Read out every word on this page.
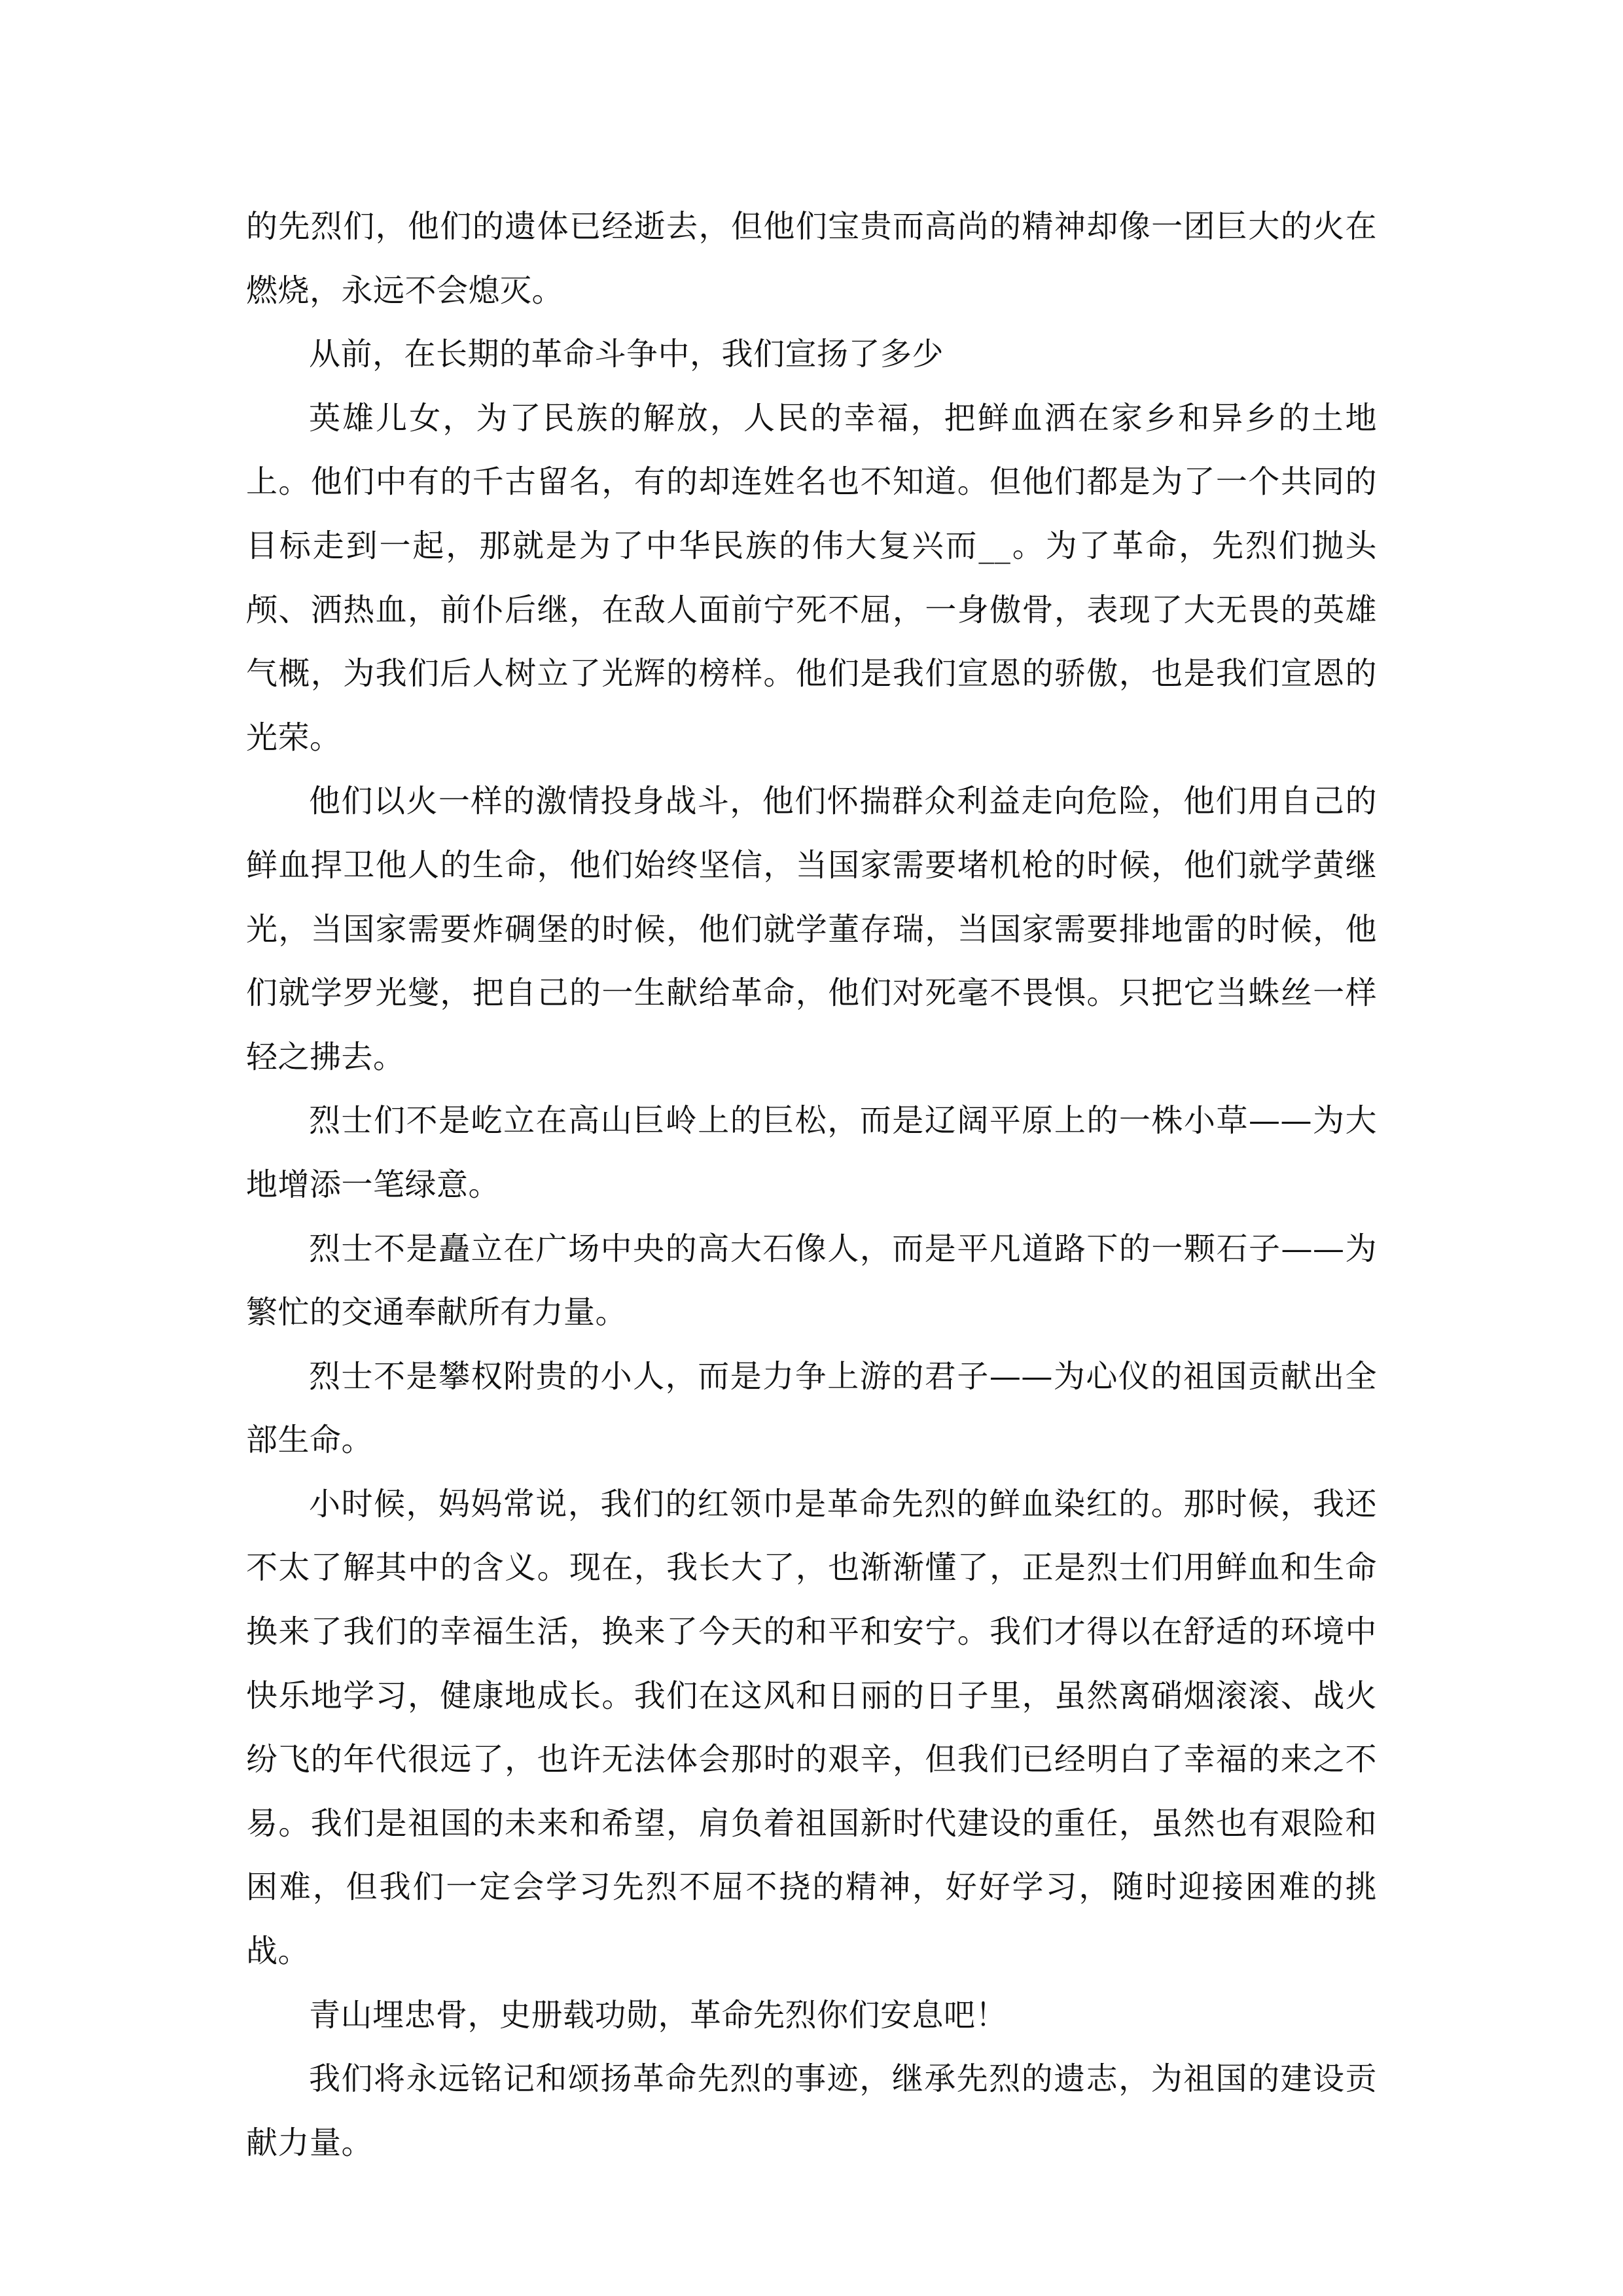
的先烈们，他们的遗体已经逝去，但他们宝贵而高尚的精神却像一团巨大的火在燃烧，永远不会熄灭。

从前，在长期的革命斗争中，我们宣扬了多少

英雄儿女，为了民族的解放，人民的幸福，把鲜血洒在家乡和异乡的土地上。他们中有的千古留名，有的却连姓名也不知道。但他们都是为了一个共同的目标走到一起，那就是为了中华民族的伟大复兴而__。为了革命，先烈们抛头颅、洒热血，前仆后继，在敌人面前宁死不屈，一身傲骨，表现了大无畏的英雄气概，为我们后人树立了光辉的榜样。他们是我们宣恩的骄傲，也是我们宣恩的光荣。

他们以火一样的激情投身战斗，他们怀揣群众利益走向危险，他们用自己的鲜血捍卫他人的生命，他们始终坚信，当国家需要堵机枪的时候，他们就学黄继光，当国家需要炸碉堡的时候，他们就学董存瑞，当国家需要排地雷的时候，他们就学罗光燮，把自己的一生献给革命，他们对死毫不畏惧。只把它当蛛丝一样轻之拂去。

烈士们不是屹立在高山巨岭上的巨松，而是辽阔平原上的一株小草——为大地增添一笔绿意。

烈士不是矗立在广场中央的高大石像人，而是平凡道路下的一颗石子——为繁忙的交通奉献所有力量。

烈士不是攀权附贵的小人，而是力争上游的君子——为心仪的祖国贡献出全部生命。

小时候，妈妈常说，我们的红领巾是革命先烈的鲜血染红的。那时候，我还不太了解其中的含义。现在，我长大了，也渐渐懂了，正是烈士们用鲜血和生命换来了我们的幸福生活，换来了今天的和平和安宁。我们才得以在舒适的环境中快乐地学习，健康地成长。我们在这风和日丽的日子里，虽然离硝烟滚滚、战火纷飞的年代很远了，也许无法体会那时的艰辛，但我们已经明白了幸福的来之不易。我们是祖国的未来和希望，肩负着祖国新时代建设的重任，虽然也有艰险和困难，但我们一定会学习先烈不屈不挠的精神，好好学习，随时迎接困难的挑战。

青山埋忠骨，史册载功勋，革命先烈你们安息吧！

我们将永远铭记和颂扬革命先烈的事迹，继承先烈的遗志，为祖国的建设贡献力量。
